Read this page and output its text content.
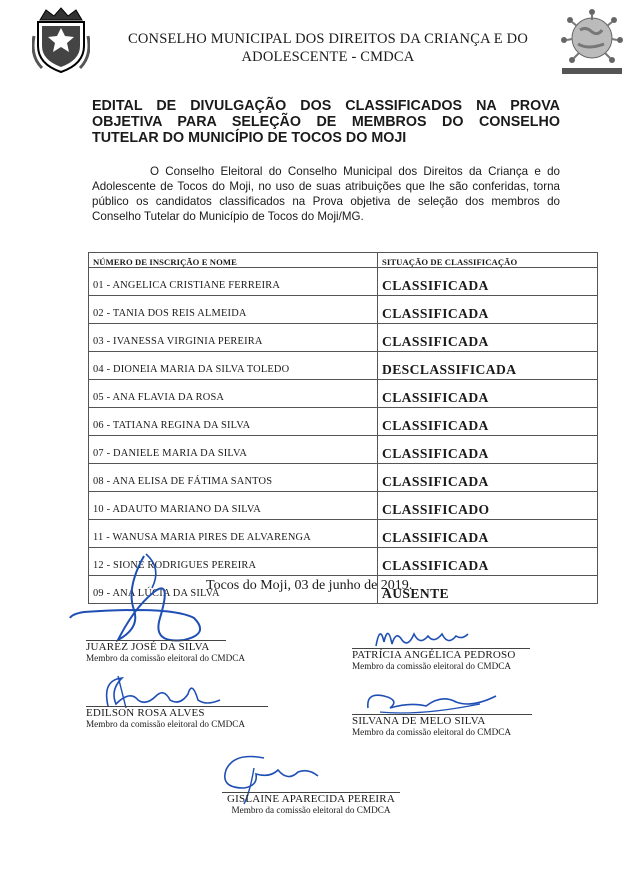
CONSELHO MUNICIPAL DOS DIREITOS DA CRIANÇA E DO
ADOLESCENTE - CMDCA
EDITAL DE DIVULGAÇÃO DOS CLASSIFICADOS NA PROVA OBJETIVA PARA SELEÇÃO DE MEMBROS DO CONSELHO TUTELAR DO MUNICÍPIO DE TOCOS DO MOJI
O Conselho Eleitoral do Conselho Municipal dos Direitos da Criança e do Adolescente de Tocos do Moji, no uso de suas atribuições que lhe são conferidas, torna público os candidatos classificados na Prova objetiva de seleção dos membros do Conselho Tutelar do Município de Tocos do Moji/MG.
NÚMERO DE INSCRIÇÃO E NOME	SITUAÇÃO DE CLASSIFICAÇÃO
01 - ANGELICA CRISTIANE FERREIRA	CLASSIFICADA
02 - TANIA DOS REIS ALMEIDA	CLASSIFICADA
03 - IVANESSA VIRGINIA PEREIRA	CLASSIFICADA
04 - DIONEIA MARIA DA SILVA TOLEDO	DESCLASSIFICADA
05 - ANA FLAVIA DA ROSA	CLASSIFICADA
06 - TATIANA REGINA DA SILVA	CLASSIFICADA
07 - DANIELE MARIA DA SILVA	CLASSIFICADA
08 - ANA ELISA DE FÁTIMA SANTOS	CLASSIFICADA
10 - ADAUTO MARIANO DA SILVA	CLASSIFICADO
11 - WANUSA MARIA PIRES DE ALVARENGA	CLASSIFICADA
12 - SIONE RODRIGUES PEREIRA	CLASSIFICADA
09 - ANA LÚCIA DA SILVA	AUSENTE
Tocos do Moji, 03 de junho de 2019.
JUAREZ JOSÉ DA SILVA
Membro da comissão eleitoral do CMDCA	PATRÍCIA ANGÉLICA PEDROSO
Membro da comissão eleitoral do CMDCA
EDILSON ROSA ALVES
Membro da comissão eleitoral do CMDCA	SILVANA DE MELO SILVA
Membro da comissão eleitoral do CMDCA
GISLAINE APARECIDA PEREIRA
Membro da comissão eleitoral do CMDCA
